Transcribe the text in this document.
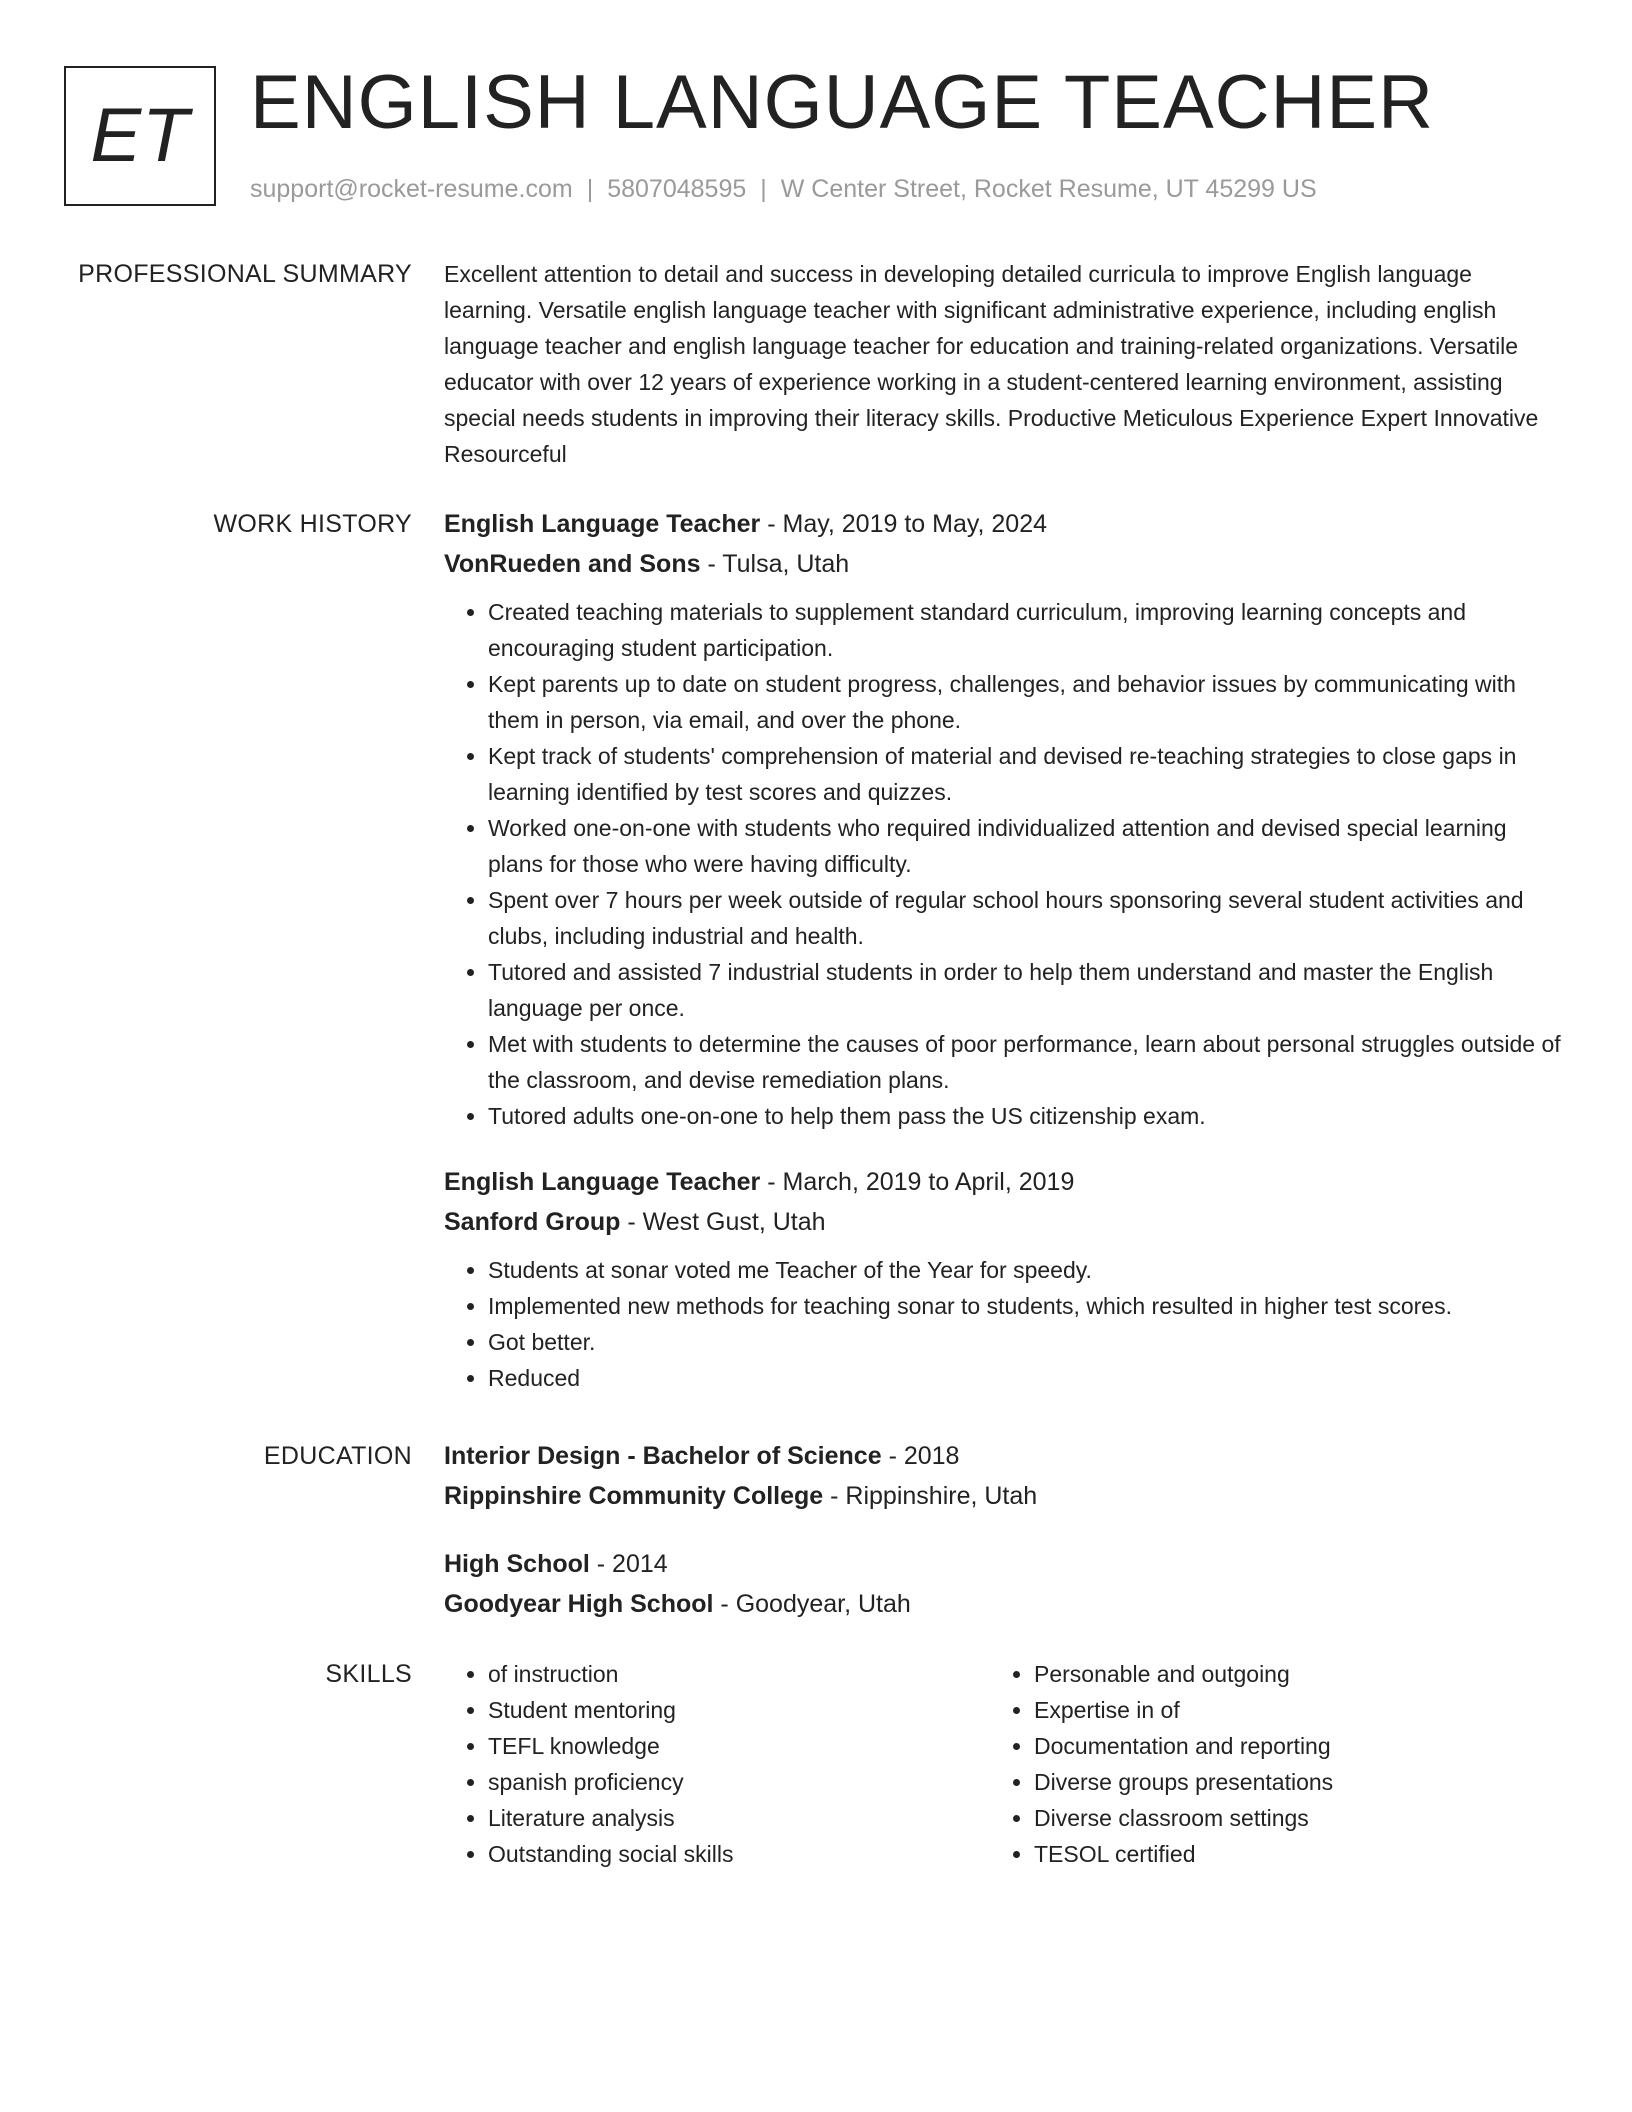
ET ENGLISH LANGUAGE TEACHER
support@rocket-resume.com | 5807048595 | W Center Street, Rocket Resume, UT 45299 US
PROFESSIONAL SUMMARY Excellent attention to detail and success in developing detailed curricula to improve English language learning. Versatile english language teacher with significant administrative experience, including english language teacher and english language teacher for education and training-related organizations. Versatile educator with over 12 years of experience working in a student-centered learning environment, assisting special needs students in improving their literacy skills. Productive Meticulous Experience Expert Innovative Resourceful

WORK HISTORY English Language Teacher - May, 2019 to May, 2024
VonRueden and Sons - Tulsa, Utah
• Created teaching materials to supplement standard curriculum, improving learning concepts and encouraging student participation.
• Kept parents up to date on student progress, challenges, and behavior issues by communicating with them in person, via email, and over the phone.
• Kept track of students' comprehension of material and devised re-teaching strategies to close gaps in learning identified by test scores and quizzes.
• Worked one-on-one with students who required individualized attention and devised special learning plans for those who were having difficulty.
• Spent over 7 hours per week outside of regular school hours sponsoring several student activities and clubs, including industrial and health.
• Tutored and assisted 7 industrial students in order to help them understand and master the English language per once.
• Met with students to determine the causes of poor performance, learn about personal struggles outside of the classroom, and devise remediation plans.
• Tutored adults one-on-one to help them pass the US citizenship exam.
English Language Teacher - March, 2019 to April, 2019
Sanford Group - West Gust, Utah
• Students at sonar voted me Teacher of the Year for speedy.
• Implemented new methods for teaching sonar to students, which resulted in higher test scores.
• Got better.
• Reduced
EDUCATION Interior Design - Bachelor of Science - 2018
Rippinshire Community College - Rippinshire, Utah
High School - 2014
Goodyear High School - Goodyear, Utah
SKILLS
•	of instruction
• Student mentoring
• TEFL knowledge
• spanish proficiency
• Literature analysis
• Outstanding social skills
• Personable and outgoing
• Expertise in of
• Documentation and reporting
• Diverse groups presentations
• Diverse classroom settings
• TESOL certified
